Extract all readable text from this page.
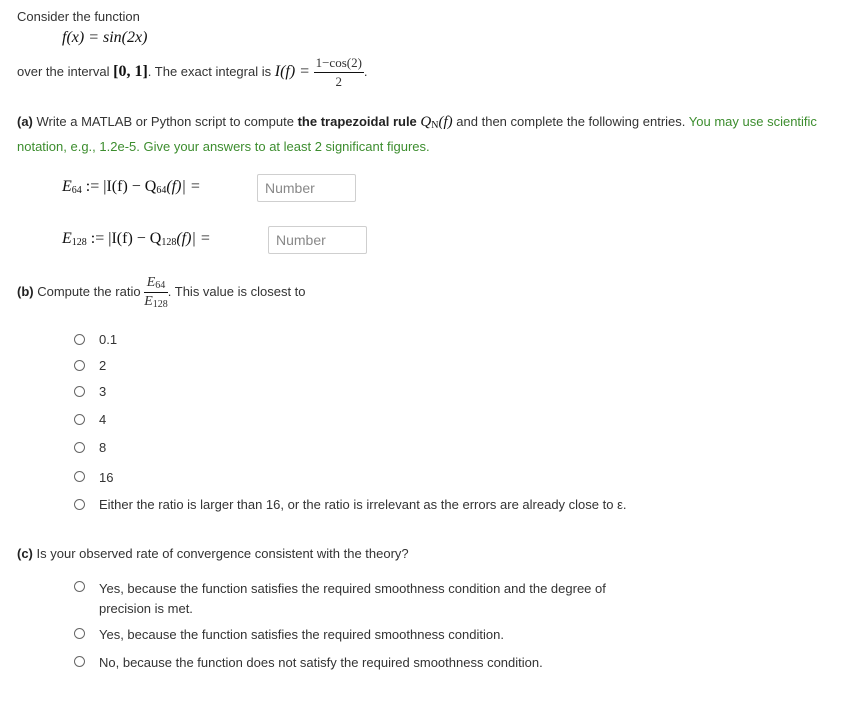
Consider the function
f(x) = sin(2x)
over the interval [0, 1]. The exact integral is $I(f) = \frac{1-\cos(2)}{2}$ .
(a) Write a MATLAB or Python script to compute the trapezoidal rule $Q_N(f)$ and then complete the following entries. You may use scientific notation, e.g., 1.2e-5. Give your answers to at least 2 significant figures.
$E_{64}$ := $|I(f) - Q_{64}(f)|$ =
Number
$E_{128}$ := $|I(f) - Q_{128}(f)|$ =
Number
(b) Compute the ratio $\frac{E_{64}}{E_{128}}$ . This value is closest to
0.1
2
3
4
8
16
Either the ratio is larger than 16, or the ratio is irrelevant as the errors are already close to ε.
(c) Is your observed rate of convergence consistent with the theory?
Yes, because the function satisfies the required smoothness condition and the degree of
precision is met.
Yes, because the function satisfies the required smoothness condition.
No, because the function does not satisfy the required smoothness condition.
